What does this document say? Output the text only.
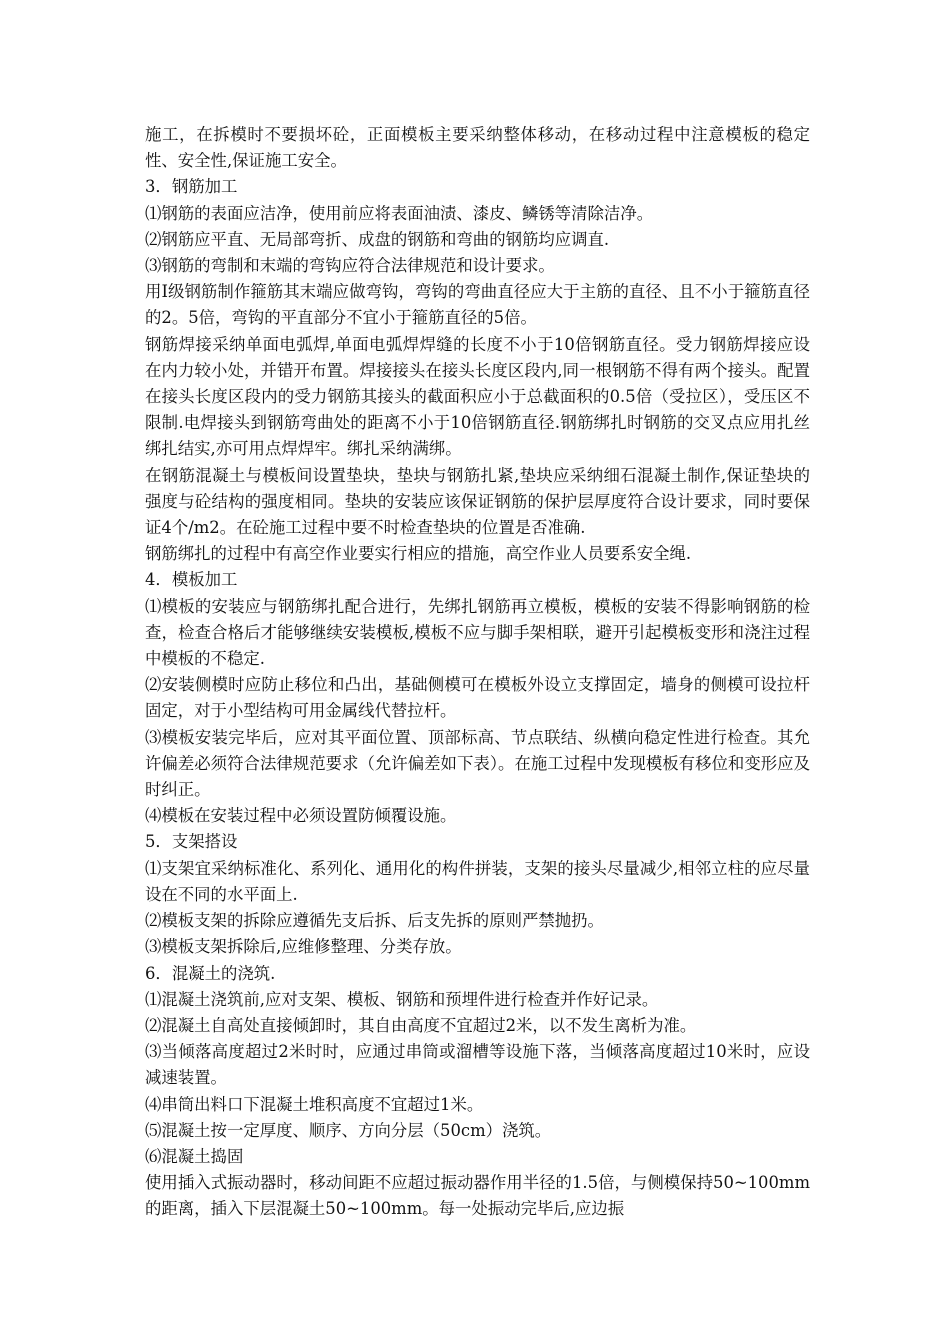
施工，在拆模时不要损坏砼，正面模板主要采纳整体移动，在移动过程中注意模板的稳定性、安全性,保证施工安全。

3．钢筋加工

⑴钢筋的表面应洁净，使用前应将表面油渍、漆皮、鳞锈等清除洁净。

⑵钢筋应平直、无局部弯折、成盘的钢筋和弯曲的钢筋均应调直.

⑶钢筋的弯制和末端的弯钩应符合法律规范和设计要求。

用I级钢筋制作箍筋其末端应做弯钩，弯钩的弯曲直径应大于主筋的直径、且不小于箍筋直径的2。5倍，弯钩的平直部分不宜小于箍筋直径的5倍。

钢筋焊接采纳单面电弧焊,单面电弧焊焊缝的长度不小于10倍钢筋直径。受力钢筋焊接应设在内力较小处，并错开布置。焊接接头在接头长度区段内,同一根钢筋不得有两个接头。配置在接头长度区段内的受力钢筋其接头的截面积应小于总截面积的0.5倍（受拉区），受压区不限制.电焊接头到钢筋弯曲处的距离不小于10倍钢筋直径.钢筋绑扎时钢筋的交叉点应用扎丝绑扎结实,亦可用点焊焊牢。绑扎采纳满绑。

在钢筋混凝土与模板间设置垫块，垫块与钢筋扎紧,垫块应采纳细石混凝土制作,保证垫块的强度与砼结构的强度相同。垫块的安装应该保证钢筋的保护层厚度符合设计要求，同时要保证4个/m2。在砼施工过程中要不时检查垫块的位置是否准确.

钢筋绑扎的过程中有高空作业要实行相应的措施，高空作业人员要系安全绳.

4．模板加工

⑴模板的安装应与钢筋绑扎配合进行，先绑扎钢筋再立模板，模板的安装不得影响钢筋的检查，检查合格后才能够继续安装模板,模板不应与脚手架相联，避开引起模板变形和浇注过程中模板的不稳定.

⑵安装侧模时应防止移位和凸出，基础侧模可在模板外设立支撑固定，墙身的侧模可设拉杆固定，对于小型结构可用金属线代替拉杆。

⑶模板安装完毕后，应对其平面位置、顶部标高、节点联结、纵横向稳定性进行检查。其允许偏差必须符合法律规范要求（允许偏差如下表）。在施工过程中发现模板有移位和变形应及时纠正。

⑷模板在安装过程中必须设置防倾覆设施。

5．支架搭设

⑴支架宜采纳标准化、系列化、通用化的构件拼装，支架的接头尽量减少,相邻立柱的应尽量设在不同的水平面上.

⑵模板支架的拆除应遵循先支后拆、后支先拆的原则严禁抛扔。

⑶模板支架拆除后,应维修整理、分类存放。

6．混凝土的浇筑.

⑴混凝土浇筑前,应对支架、模板、钢筋和预埋件进行检查并作好记录。

⑵混凝土自高处直接倾卸时，其自由高度不宜超过2米，以不发生离析为准。

⑶当倾落高度超过2米时时，应通过串筒或溜槽等设施下落，当倾落高度超过10米时，应设减速装置。

⑷串筒出料口下混凝土堆积高度不宜超过1米。

⑸混凝土按一定厚度、顺序、方向分层（50cm）浇筑。

⑹混凝土捣固

使用插入式振动器时，移动间距不应超过振动器作用半径的1.5倍，与侧模保持50~100mm的距离，插入下层混凝土50~100mm。每一处振动完毕后,应边振
